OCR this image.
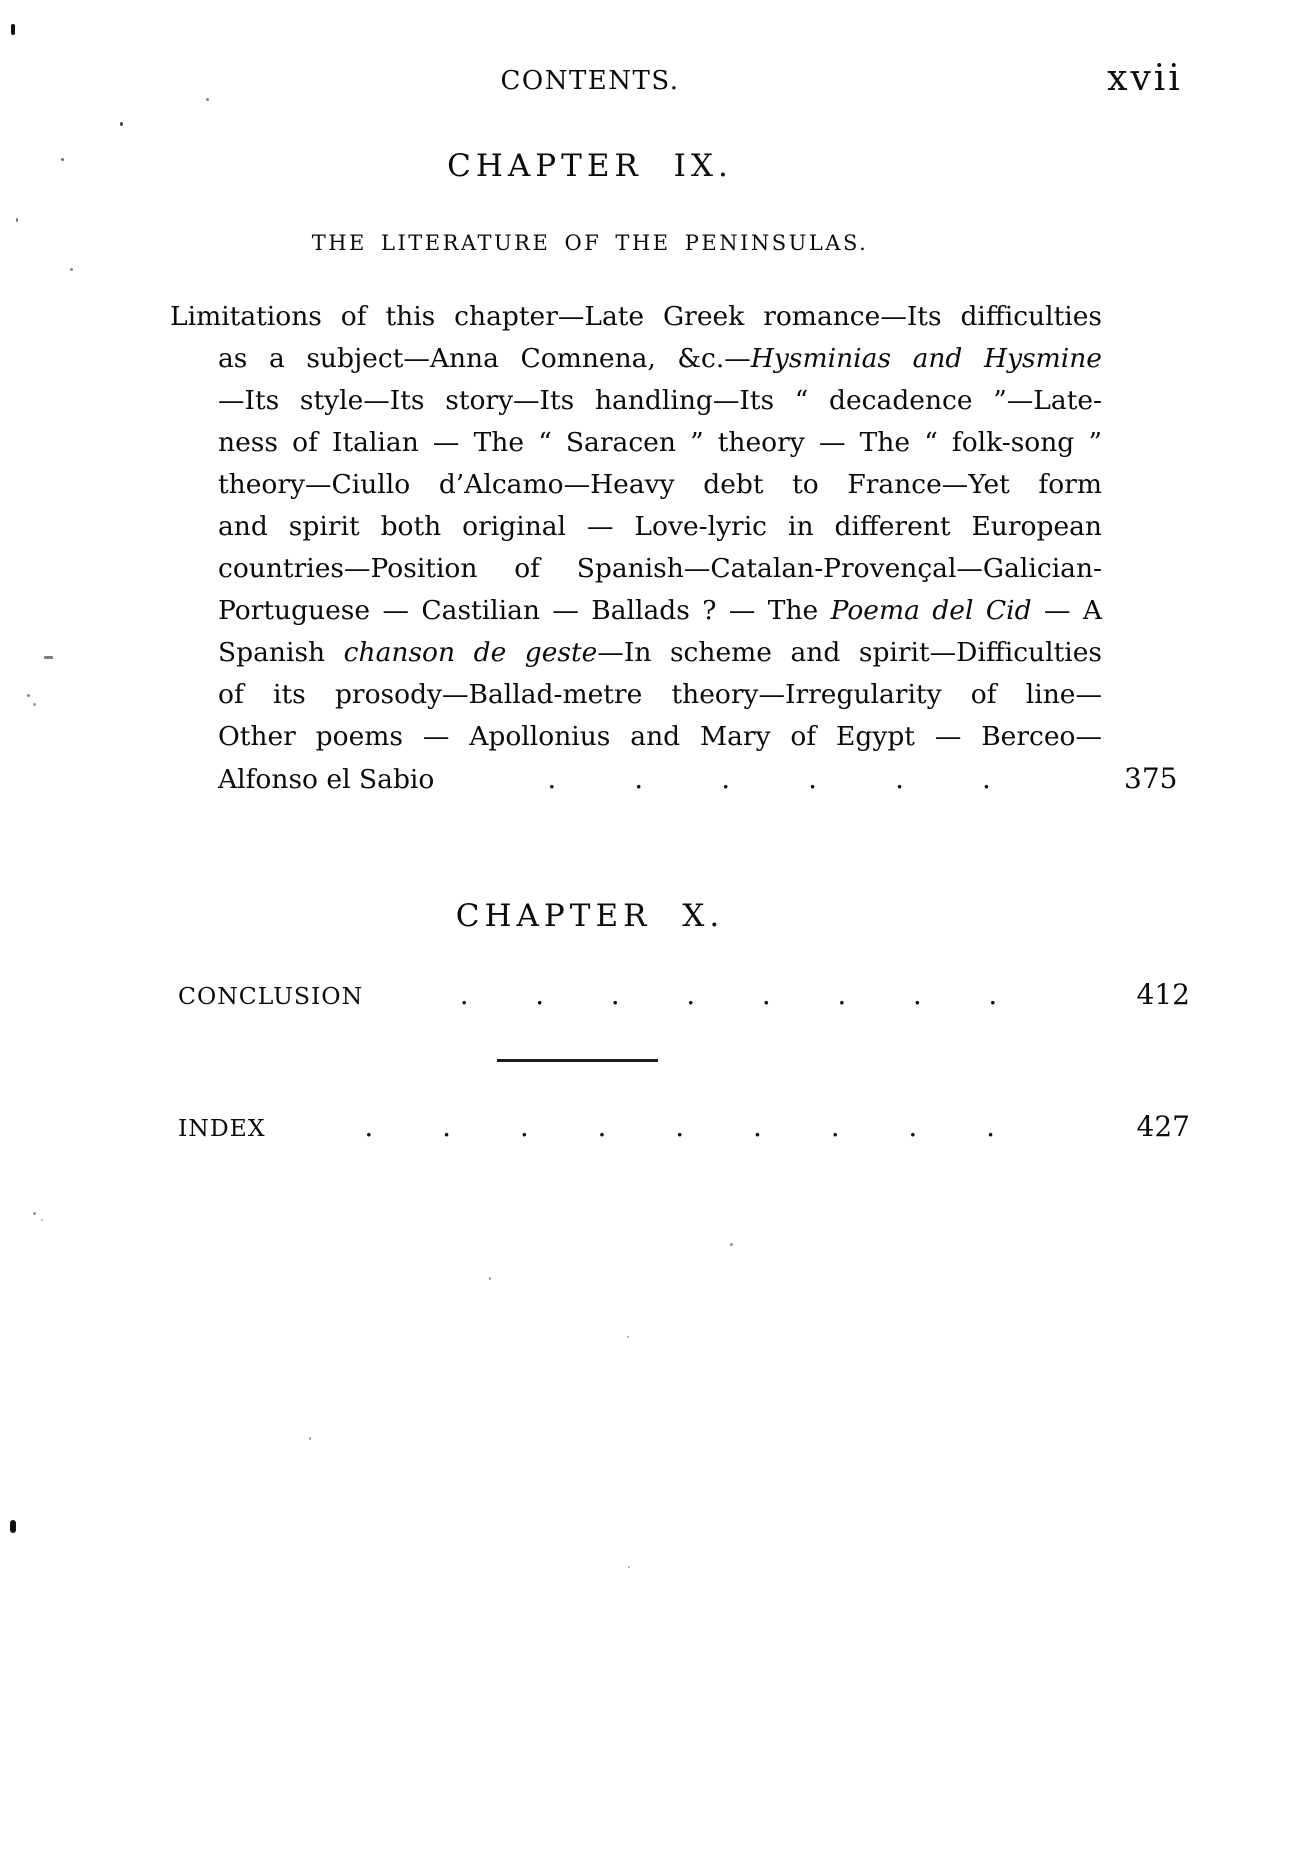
CONTENTS.	xvii
CHAPTER IX.
THE LITERATURE OF THE PENINSULAS.
Limitations of this chapter—Late Greek romance—Its difficulties
as a subject—Anna Comnena, &c.—Hysminias and Hysmine
—Its style—Its story—Its handling—Its “ decadence ”—Late-
ness of Italian — The “ Saracen ” theory — The “ folk-song ”
theory—Ciullo d’Alcamo—Heavy debt to France—Yet form
and spirit both original — Love-lyric in different European
countries—Position of Spanish—Catalan-Provençal—Galician-
Portuguese — Castilian — Ballads ? — The Poema del Cid — A
Spanish chanson de geste—In scheme and spirit—Difficulties
of its prosody—Ballad-metre theory—Irregularity of line—
Other poems — Apollonius and Mary of Egypt — Berceo—
Alfonso el Sabio	.	.	.	.	.	.	375
CHAPTER X.
CONCLUSION	. . . . . . . .	412
INDEX	. . . . . . . . .	427
